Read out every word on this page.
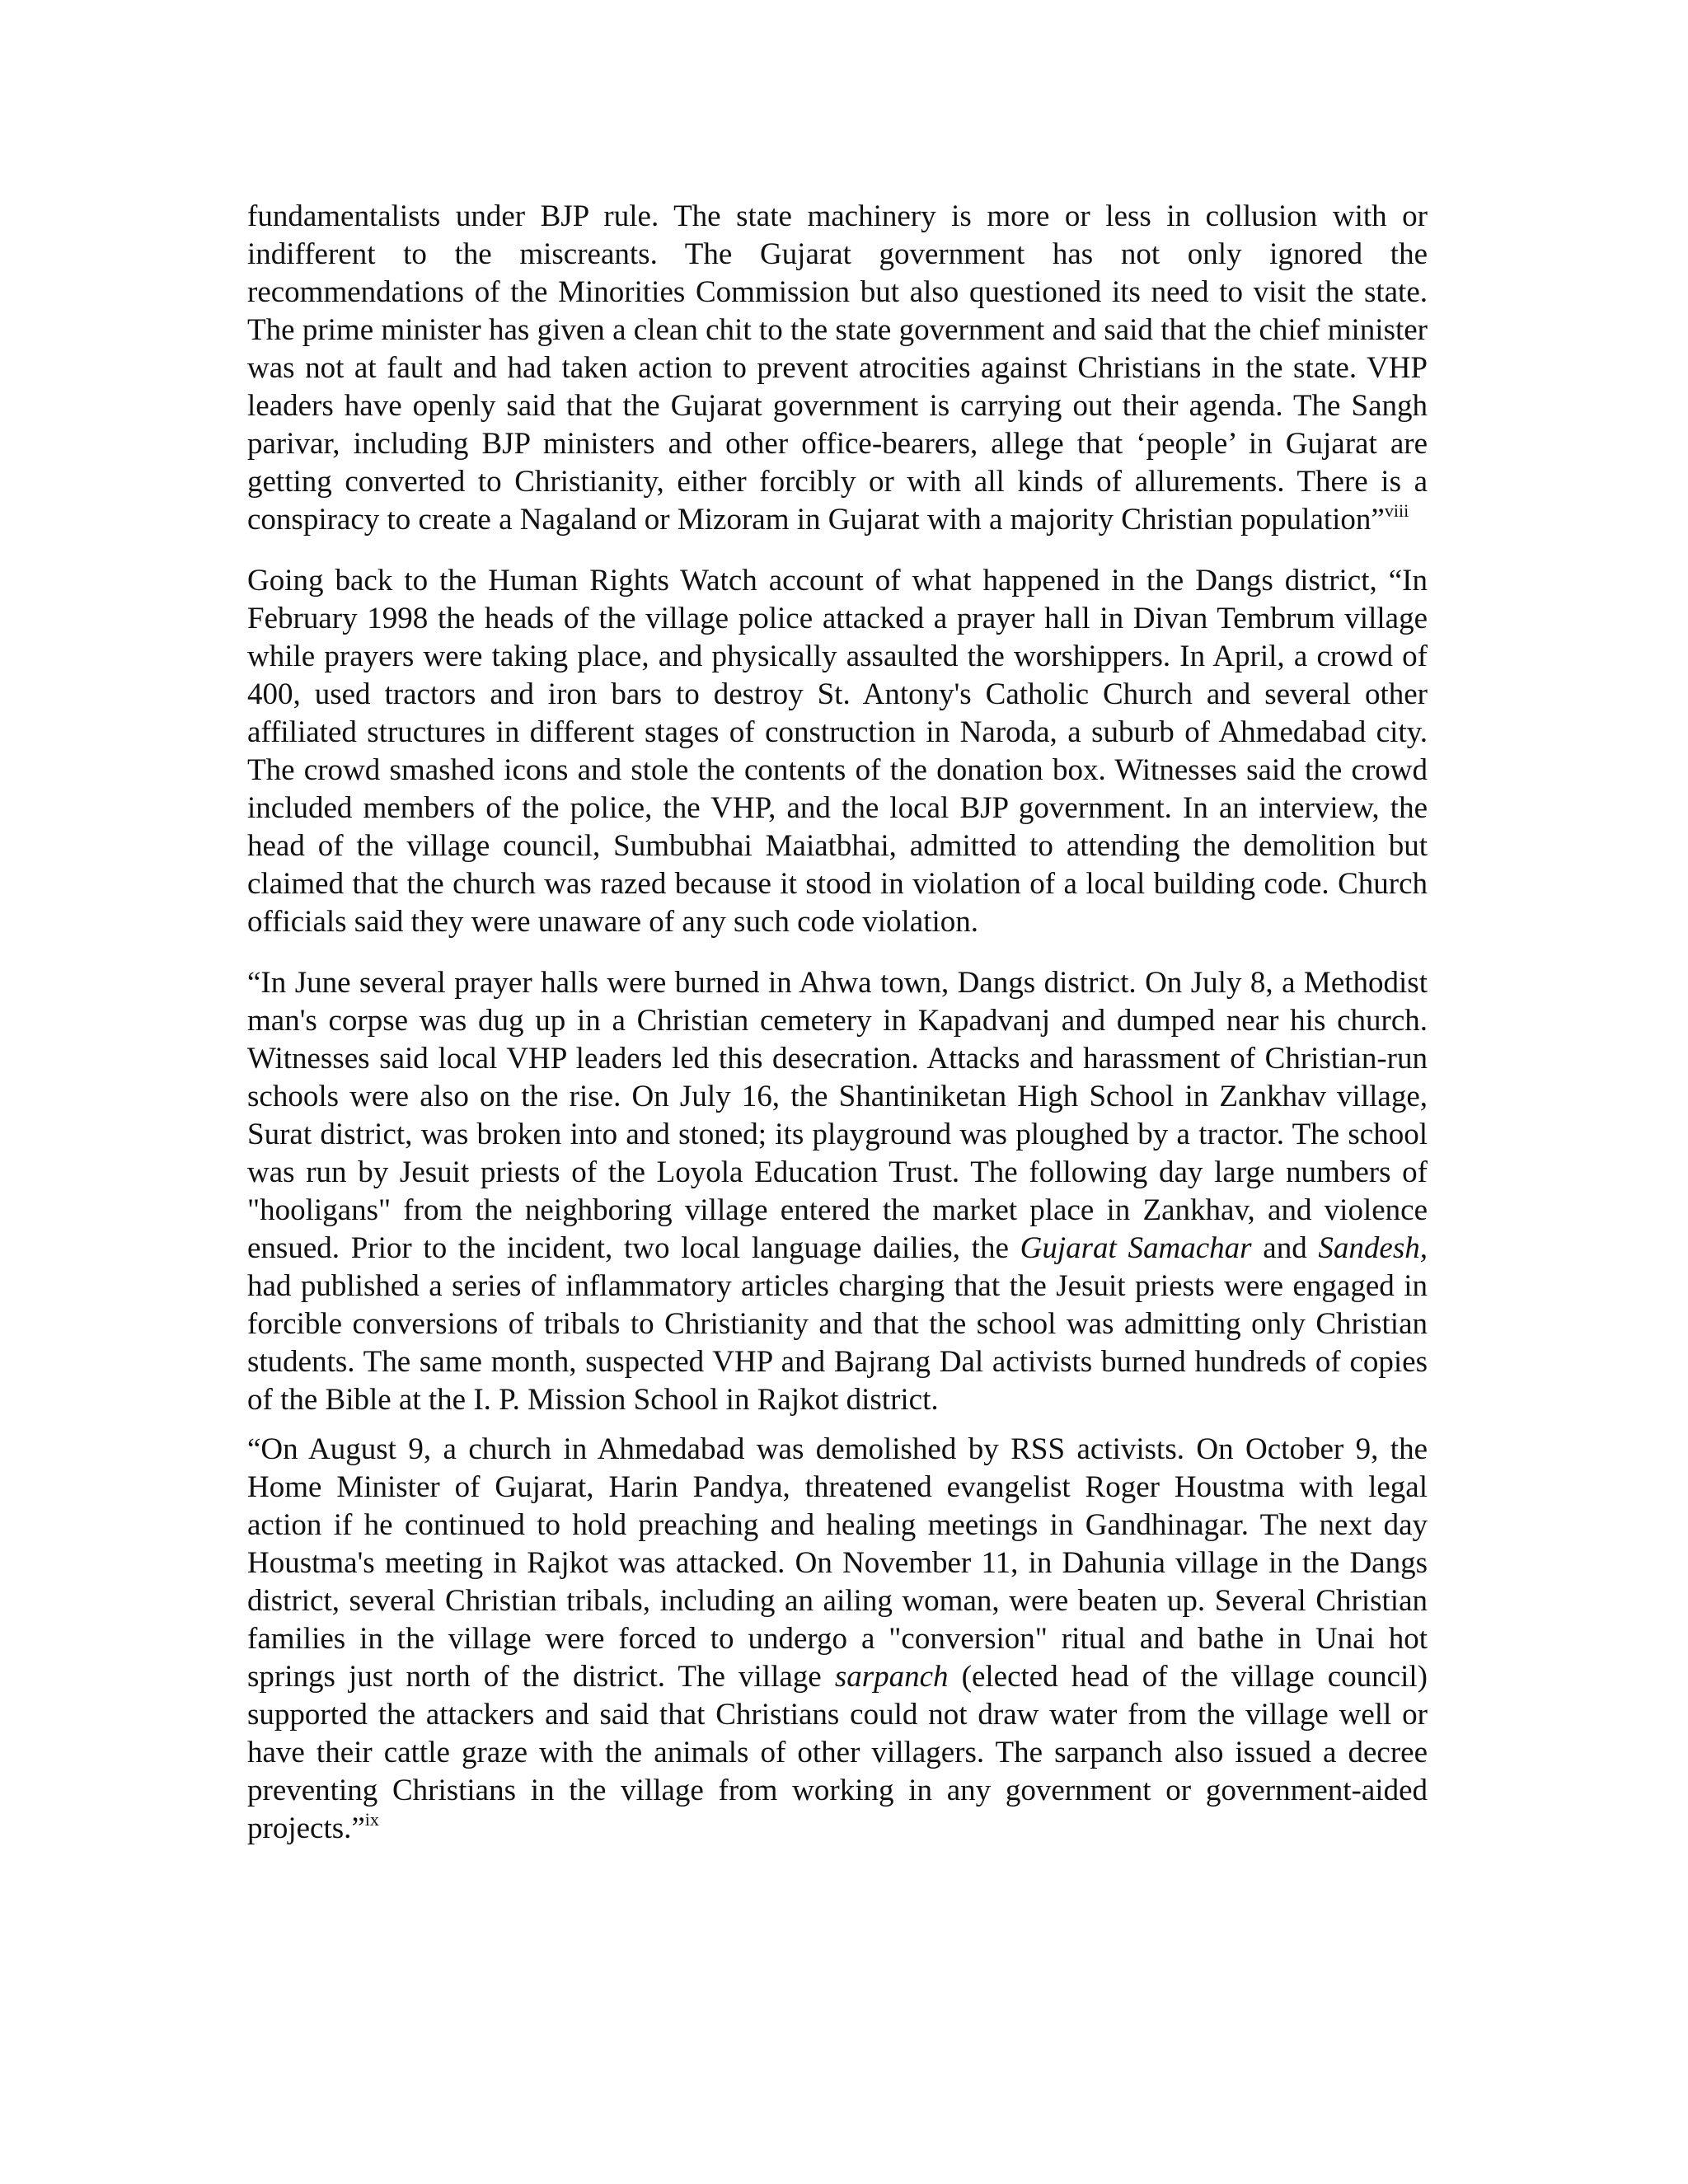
fundamentalists under BJP rule. The state machinery is more or less in collusion with or indifferent to the miscreants. The Gujarat government has not only ignored the recommendations of the Minorities Commission but also questioned its need to visit the state. The prime minister has given a clean chit to the state government and said that the chief minister was not at fault and had taken action to prevent atrocities against Christians in the state. VHP leaders have openly said that the Gujarat government is carrying out their agenda. The Sangh parivar, including BJP ministers and other office-bearers, allege that ‘people’ in Gujarat are getting converted to Christianity, either forcibly or with all kinds of allurements. There is a conspiracy to create a Nagaland or Mizoram in Gujarat with a majority Christian population”$^{viii}$

Going back to the Human Rights Watch account of what happened in the Dangs district, “In February 1998 the heads of the village police attacked a prayer hall in Divan Tembrum village while prayers were taking place, and physically assaulted the worshippers. In April, a crowd of 400, used tractors and iron bars to destroy St. Antony's Catholic Church and several other affiliated structures in different stages of construction in Naroda, a suburb of Ahmedabad city. The crowd smashed icons and stole the contents of the donation box. Witnesses said the crowd included members of the police, the VHP, and the local BJP government. In an interview, the head of the village council, Sumbubhai Maiatbhai, admitted to attending the demolition but claimed that the church was razed because it stood in violation of a local building code. Church officials said they were unaware of any such code violation.

“In June several prayer halls were burned in Ahwa town, Dangs district. On July 8, a Methodist man's corpse was dug up in a Christian cemetery in Kapadvanj and dumped near his church. Witnesses said local VHP leaders led this desecration. Attacks and harassment of Christian-run schools were also on the rise. On July 16, the Shantiniketan High School in Zankhav village, Surat district, was broken into and stoned; its playground was ploughed by a tractor. The school was run by Jesuit priests of the Loyola Education Trust. The following day large numbers of "hooligans" from the neighboring village entered the market place in Zankhav, and violence ensued. Prior to the incident, two local language dailies, the Gujarat Samachar and Sandesh, had published a series of inflammatory articles charging that the Jesuit priests were engaged in forcible conversions of tribals to Christianity and that the school was admitting only Christian students. The same month, suspected VHP and Bajrang Dal activists burned hundreds of copies of the Bible at the I. P. Mission School in Rajkot district.

“On August 9, a church in Ahmedabad was demolished by RSS activists. On October 9, the Home Minister of Gujarat, Harin Pandya, threatened evangelist Roger Houstma with legal action if he continued to hold preaching and healing meetings in Gandhinagar. The next day Houstma's meeting in Rajkot was attacked. On November 11, in Dahunia village in the Dangs district, several Christian tribals, including an ailing woman, were beaten up. Several Christian families in the village were forced to undergo a "conversion" ritual and bathe in Unai hot springs just north of the district. The village sarpanch (elected head of the village council) supported the attackers and said that Christians could not draw water from the village well or have their cattle graze with the animals of other villagers. The sarpanch also issued a decree preventing Christians in the village from working in any government or government-aided projects.”$^{ix}$
